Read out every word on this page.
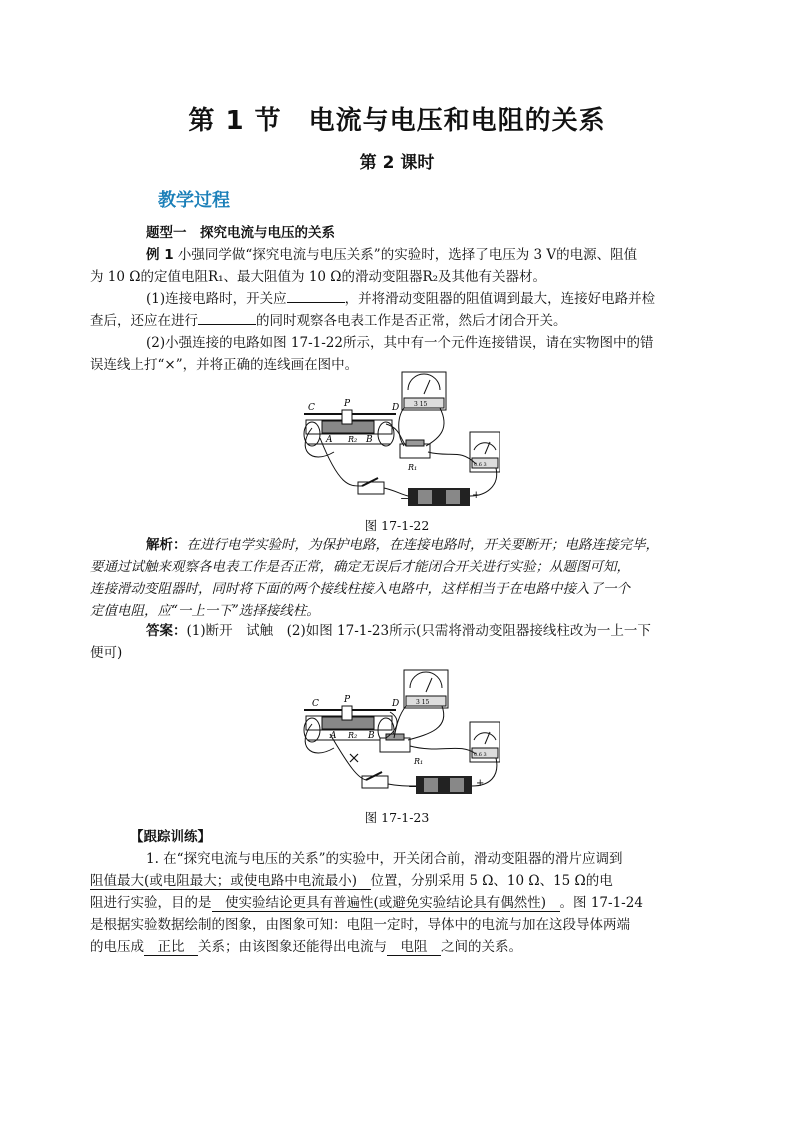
第 1 节　电流与电压和电阻的关系
第 2 课时
教学过程
题型一　探究电流与电压的关系
例 1 小强同学做“探究电流与电压关系”的实验时，选择了电压为 3 V的电源、阻值
为 10 Ω的定值电阻R₁、最大阻值为 10 Ω的滑动变阻器R₂及其他有关器材。
(1)连接电路时，开关应	，并将滑动变阻器的阻值调到最大，连接好电路并检
查后，还应在进行	的同时观察各电表工作是否正常，然后才闭合开关。
(2)小强连接的电路如图 17-1-22所示，其中有一个元件连接错误，请在实物图中的错
误连线上打“×”，并将正确的连线画在图中。
C	P	D
A R₂ B
3 15
0.6 3
R₁
−	+
图 17-1-22
解析：在进行电学实验时，为保护电路，在连接电路时，开关要断开；电路连接完毕，
要通过试触来观察各电表工作是否正常，确定无误后才能闭合开关进行实验；从题图可知，
连接滑动变阻器时，同时将下面的两个接线柱接入电路中，这样相当于在电路中接入了一个
定值电阻，应“一上一下”选择接线柱。
答案：(1)断开　试触　(2)如图 17-1-23所示(只需将滑动变阻器接线柱改为一上一下
便可)
C	P	D
A R₂ B
3 15
0.6 3
R₁
−	+
图 17-1-23
【跟踪训练】
1. 在“探究电流与电压的关系”的实验中，开关闭合前，滑动变阻器的滑片应调到
阻值最大(或电阻最大；或使电路中电流最小)　位置，分别采用 5 Ω、10 Ω、15 Ω的电
阻进行实验，目的是　使实验结论更具有普遍性(或避免实验结论具有偶然性)　。图 17-1-24
是根据实验数据绘制的图象，由图象可知：电阻一定时，导体中的电流与加在这段导体两端
的电压成　正比　关系；由该图象还能得出电流与　电阻　之间的关系。
